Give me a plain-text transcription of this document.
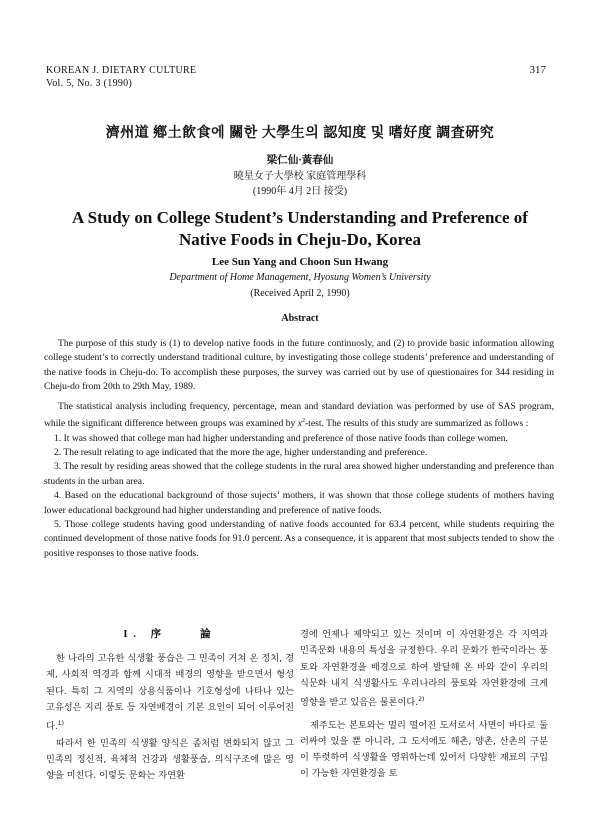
KOREAN J. DIETARY CULTURE
Vol. 5, No. 3 (1990)
317
濟州道 鄕土飮食에 關한 大學生의 認知度 및 嗜好度 調査硏究
梁仁仙·黃春仙
曉星女子大學校 家庭管理學科
(1990年 4月 2日 接受)
A Study on College Student’s Understanding and Preference of
Native Foods in Cheju-Do, Korea
Lee Sun Yang and Choon Sun Hwang
Department of Home Management, Hyosung Women’s University
(Received April 2, 1990)
Abstract

The purpose of this study is (1) to develop native foods in the future continuosly, and (2) to provide basic information allowing college student’s to correctly understand traditional culture, by investigating those college students’ preference and understanding of the native foods in Cheju-do. To accomplish these purposes, the survey was carried out by use of questionaires for 344 residing in Cheju-do from 20th to 29th May, 1989.

The statistical analysis including frequency, percentage, mean and standard deviation was performed by use of SAS program, while the significant difference between groups was examined by $x^2$-test. The results of this study are summarized as follows :

1. It was showed that college man had higher understanding and preference of those native foods than college women.

2. The result relating to age indicated that the more the age, higher understanding and preference.

3. The result by residing areas showed that the college students in the rural area showed higher understanding and preference than students in the urban area.

4. Based on the educational background of those sujects’ mothers, it was shown that those college students of mothers having lower educational background had higher understanding and preference of native foods.

5. Those college students having good understanding of native foods accounted for 63.4 percent, while students requiring the continued development of those native foods for 91.0 percent. As a consequence, it is apparent that most subjects tended to show the positive responses to those native foods.

I. 序　　論

한 나라의 고유한 식생활 풍습은 그 민족이 거쳐 온 정치, 경제, 사회적 역경과 함께 시대적 배경의 영향을 받으면서 형성된다. 특히 그 지역의 상용식품이나 기호형성에 나타나 있는 고유성은 지리 풍토 등 자연배경이 기본 요인이 되어 이루어진다.$^{1)}$

따라서 한 민족의 식생활 양식은 좀처럼 변화되지 않고 그 민족의 정신적, 육체적 건강과 생활풍습, 의식구조에 많은 영향을 미친다. 이렇듯 문화는 자연환

경에 언제나 제약되고 있는 것이며 이 자연환경은 각 지역과 민족문화 내용의 특성을 규정한다. 우리 문화가 한국이라는 풍토와 자연환경을 배경으로 하여 발달해 온 바와 같이 우리의 식문화 내지 식생활사도 우리나라의 풍토와 자연환경에 크게 영향을 받고 있음은 물론이다.$^{2)}$

제주도는 본토와는 멀리 떨어진 도서로서 사면이 바다로 둘러싸여 있을 뿐 아니라, 그 도서에도 해촌, 양촌, 산촌의 구분이 뚜렷하여 식생활을 영위하는데 있어서 다양한 재료의 구입이 가능한 자연환경을 토
